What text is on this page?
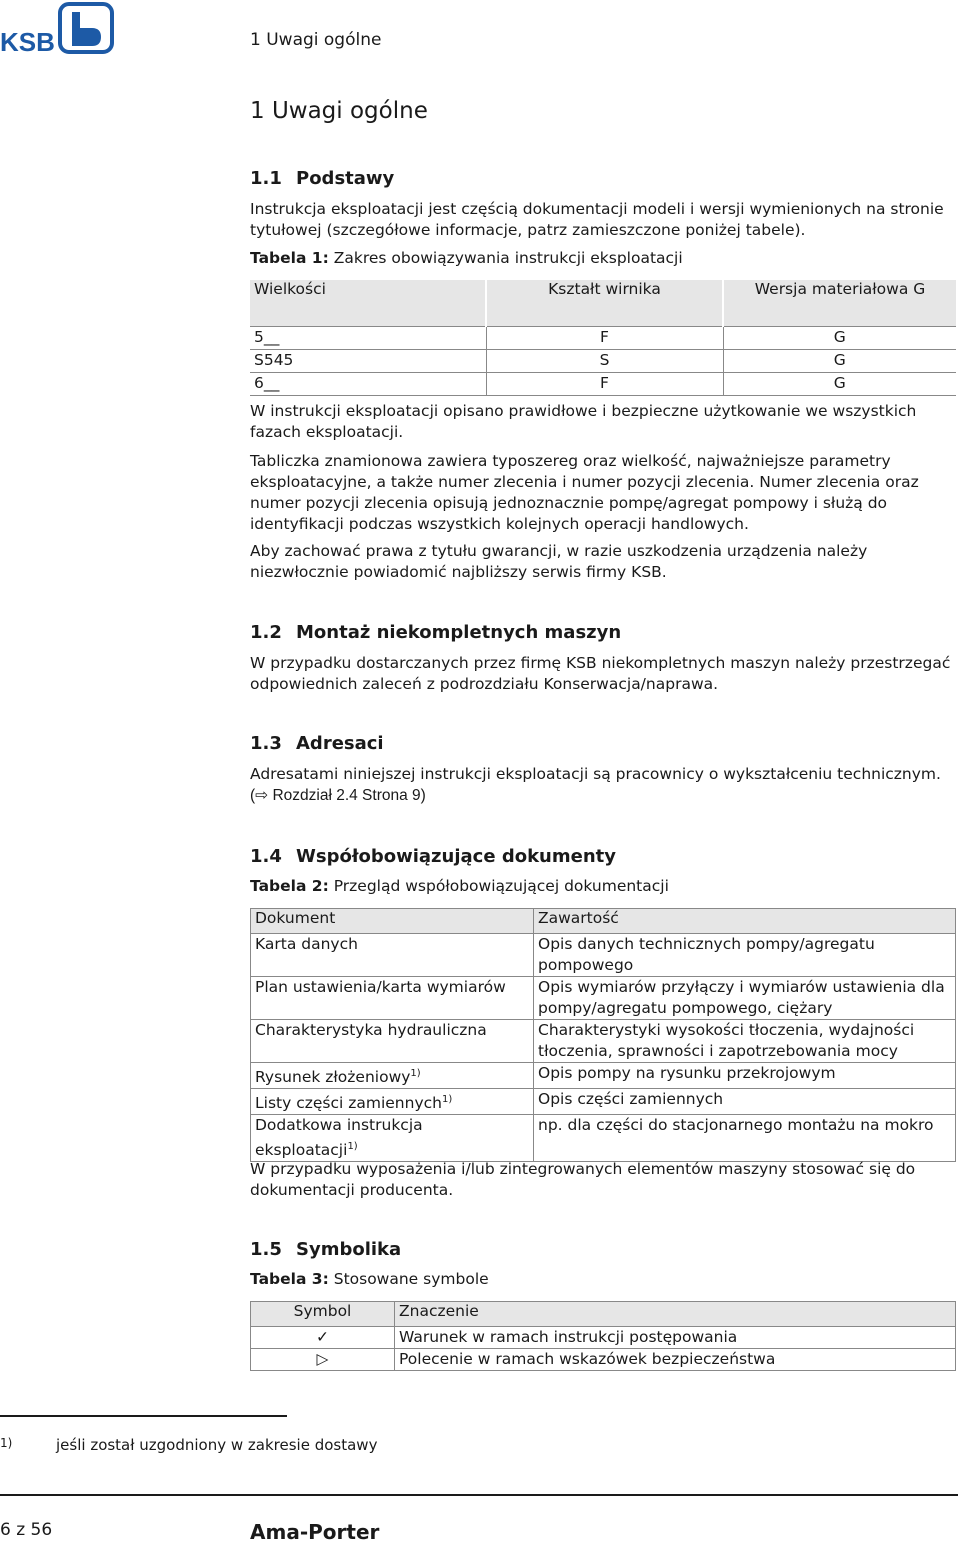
KSB	1 Uwagi ogólne
1 Uwagi ogólne
1.1 Podstawy

Instrukcja eksploatacji jest częścią dokumentacji modeli i wersji wymienionych na stronie tytułowej (szczegółowe informacje, patrz zamieszczone poniżej tabele).

Tabela 1: Zakres obowiązywania instrukcji eksploatacji
Wielkości	Kształt wirnika	Wersja materiałowa G
5__	F	G
S545	S	G
6__	F	G

W instrukcji eksploatacji opisano prawidłowe i bezpieczne użytkowanie we wszystkich fazach eksploatacji.

Tabliczka znamionowa zawiera typoszereg oraz wielkość, najważniejsze parametry eksploatacyjne, a także numer zlecenia i numer pozycji zlecenia. Numer zlecenia oraz numer pozycji zlecenia opisują jednoznacznie pompę/agregat pompowy i służą do identyfikacji podczas wszystkich kolejnych operacji handlowych.

Aby zachować prawa z tytułu gwarancji, w razie uszkodzenia urządzenia należy niezwłocznie powiadomić najbliższy serwis firmy KSB.

1.2 Montaż niekompletnych maszyn

W przypadku dostarczanych przez firmę KSB niekompletnych maszyn należy przestrzegać odpowiednich zaleceń z podrozdziału Konserwacja/naprawa.

1.3 Adresaci

Adresatami niniejszej instrukcji eksploatacji są pracownicy o wykształceniu technicznym.(⇨ Rozdział 2.4 Strona 9)

1.4 Współobowiązujące dokumenty
Tabela 2: Przegląd współobowiązującej dokumentacji
Dokument	Zawartość
Karta danych	Opis danych technicznych pompy/agregatu pompowego
Plan ustawienia/karta wymiarów	Opis wymiarów przyłączy i wymiarów ustawienia dla pompy/agregatu pompowego, ciężary
Charakterystyka hydrauliczna	Charakterystyki wysokości tłoczenia, wydajności tłoczenia, sprawności i zapotrzebowania mocy
Rysunek złożeniowy$^{1)}$	Opis pompy na rysunku przekrojowym
Listy części zamiennych$^{1)}$	Opis części zamiennych
Dodatkowa instrukcja eksploatacji$^{1)}$	np. dla części do stacjonarnego montażu na mokro

W przypadku wyposażenia i/lub zintegrowanych elementów maszyny stosować się do dokumentacji producenta.

1.5 Symbolika
Tabela 3: Stosowane symbole
Symbol	Znaczenie
✓	Warunek w ramach instrukcji postępowania
▷	Polecenie w ramach wskazówek bezpieczeństwa
1)	jeśli został uzgodniony w zakresie dostawy
6 z 56	Ama-Porter
